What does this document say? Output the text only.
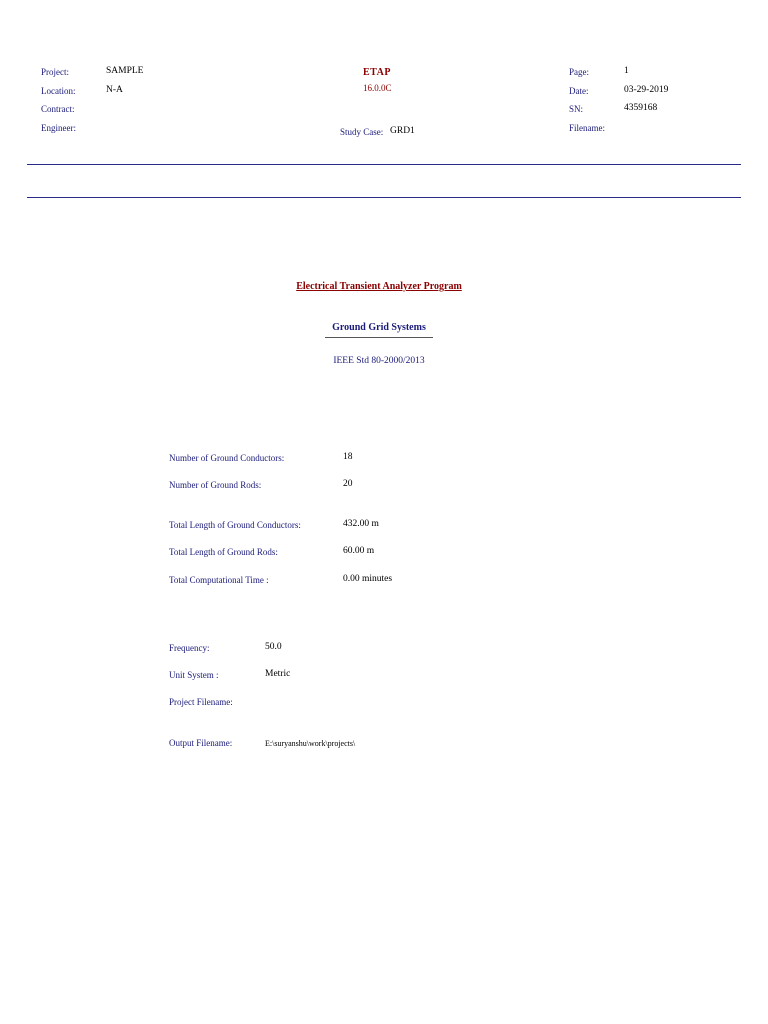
Project:	SAMPLE
Location:	N-A
Contract:
Engineer:
ETAP
16.0.0C
Study Case: GRD1
Page:	1
Date:	03-29-2019
SN:	4359168
Filename:
Electrical Transient Analyzer Program
Ground Grid Systems
IEEE Std 80-2000/2013
Number of Ground Conductors:	18
Number of Ground Rods:	20
Total Length of Ground Conductors:	432.00 m
Total Length of Ground Rods:	60.00 m
Total Computational Time :	0.00 minutes
Frequency:	50.0
Unit System :	Metric
Project Filename:
Output Filename:	E:\suryanshu\work\projects\
